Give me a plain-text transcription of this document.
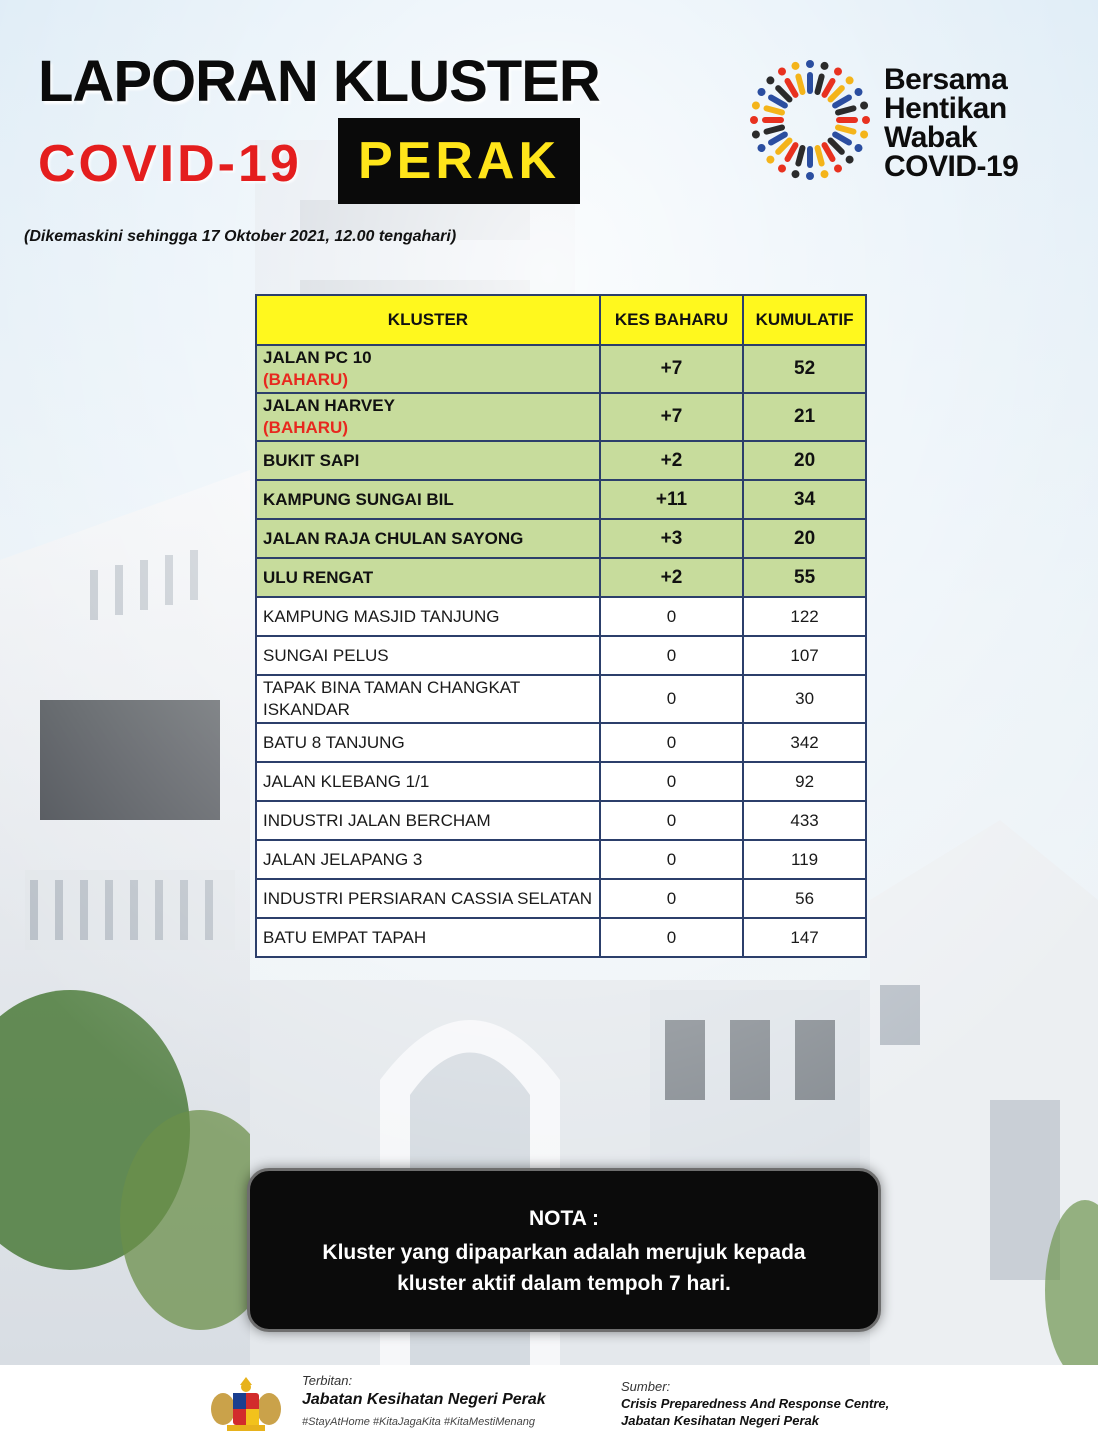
LAPORAN KLUSTER
COVID-19 PERAK
Bersama
Hentikan
Wabak
COVID-19
(Dikemaskini sehingga 17 Oktober 2021, 12.00 tengahari)
KLUSTER	KES BAHARU	KUMULATIF
JALAN PC 10
(BAHARU)	+7	52
JALAN HARVEY
(BAHARU)	+7	21
BUKIT SAPI	+2	20
KAMPUNG SUNGAI BIL	+11	34
JALAN RAJA CHULAN SAYONG	+3	20
ULU RENGAT	+2	55
KAMPUNG MASJID TANJUNG	0	122
SUNGAI PELUS	0	107
TAPAK BINA TAMAN CHANGKAT ISKANDAR	0	30
BATU 8 TANJUNG	0	342
JALAN KLEBANG 1/1	0	92
INDUSTRI JALAN BERCHAM	0	433
JALAN JELAPANG 3	0	119
INDUSTRI PERSIARAN CASSIA SELATAN	0	56
BATU EMPAT TAPAH	0	147
NOTA :
Kluster yang dipaparkan adalah merujuk kepada kluster aktif dalam tempoh 7 hari.
Terbitan:
Jabatan Kesihatan Negeri Perak
#StayAtHome #KitaJagaKita #KitaMestiMenang
Sumber:
Crisis Preparedness And Response Centre,
Jabatan Kesihatan Negeri Perak
